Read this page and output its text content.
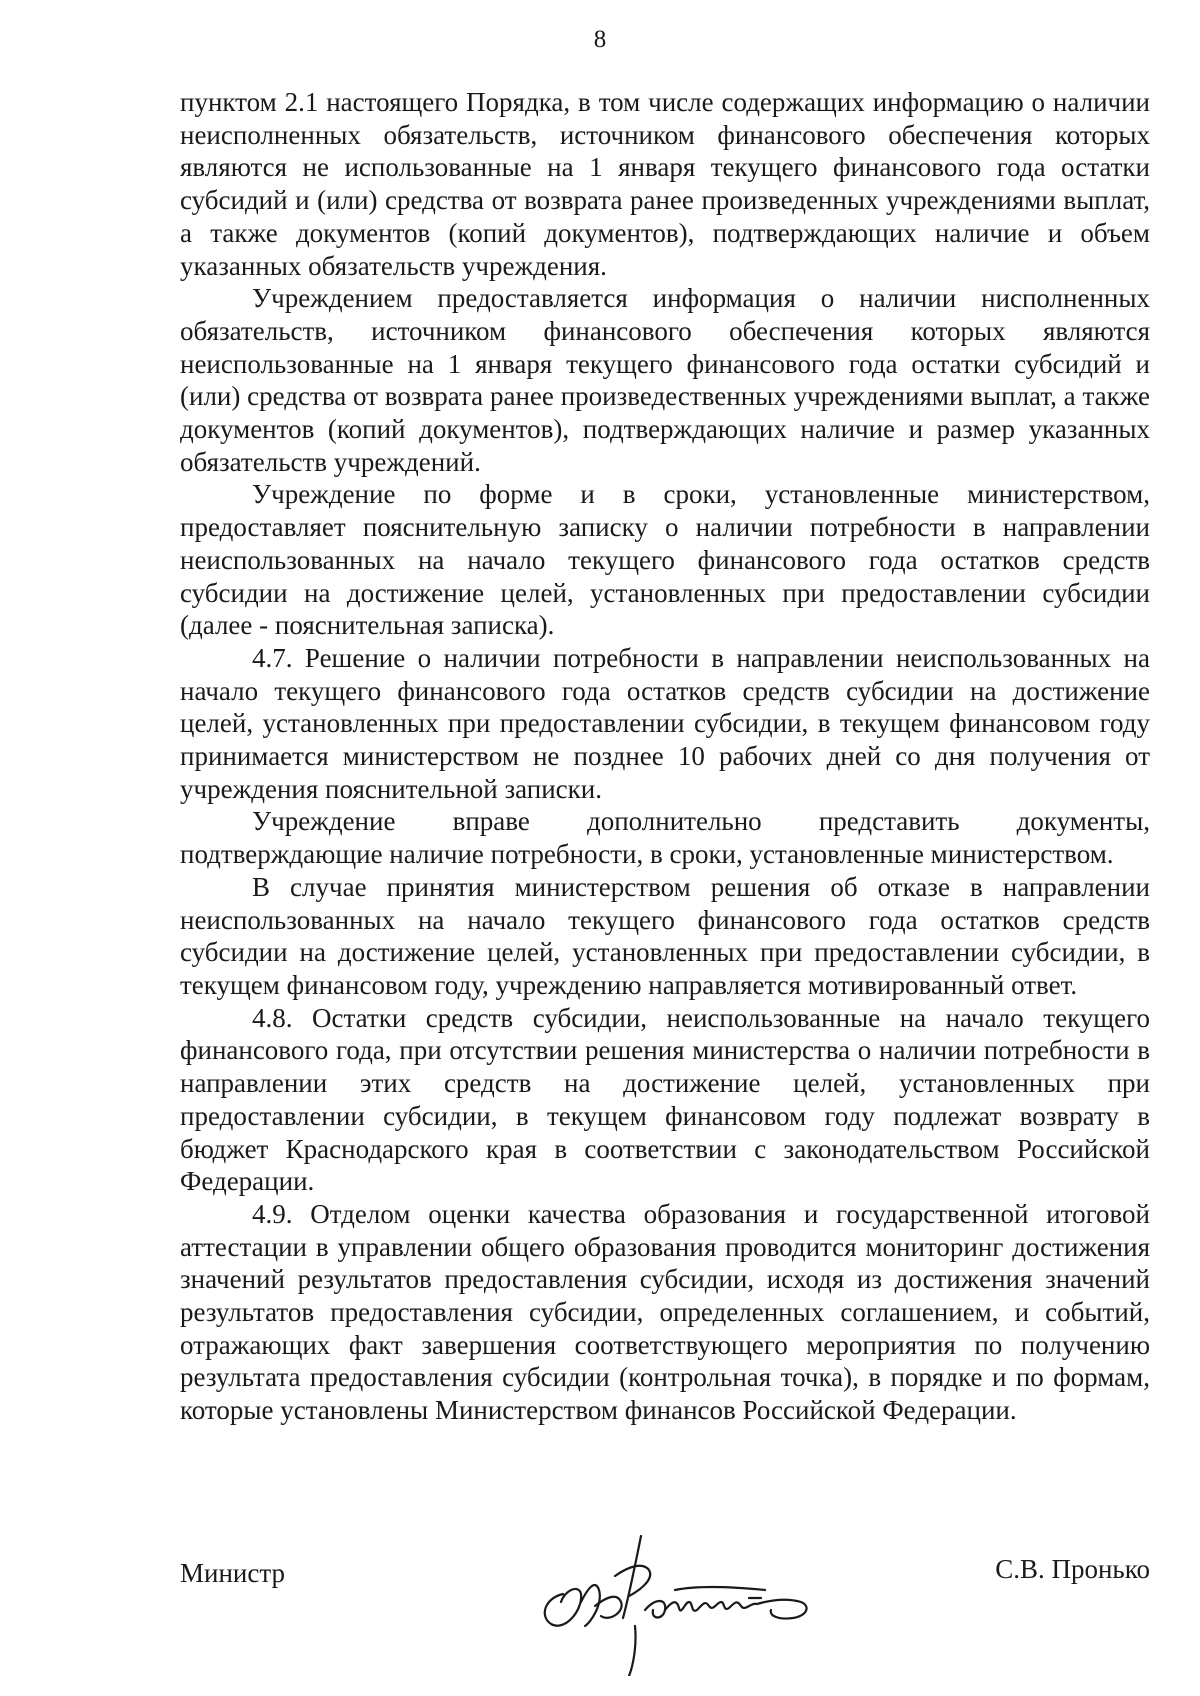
8

пунктом 2.1 настоящего Порядка, в том числе содержащих информацию о наличии неисполненных обязательств, источником финансового обеспечения которых являются не использованные на 1 января текущего финансового года остатки субсидий и (или) средства от возврата ранее произведенных учреждениями выплат, а также документов (копий документов), подтверждающих наличие и объем указанных обязательств учреждения.

Учреждением предоставляется информация о наличии нисполненных обязательств, источником финансового обеспечения которых являются неиспользованные на 1 января текущего финансового года остатки субсидий и (или) средства от возврата ранее произведественных учреждениями выплат, а также документов (копий документов), подтверждающих наличие и размер указанных обязательств учреждений.

Учреждение по форме и в сроки, установленные министерством, предоставляет пояснительную записку о наличии потребности в направлении неиспользованных на начало текущего финансового года остатков средств субсидии на достижение целей, установленных при предоставлении субсидии (далее - пояснительная записка).

4.7. Решение о наличии потребности в направлении неиспользованных на начало текущего финансового года остатков средств субсидии на достижение целей, установленных при предоставлении субсидии, в текущем финансовом году принимается министерством не позднее 10 рабочих дней со дня получения от учреждения пояснительной записки.

Учреждение вправе дополнительно представить документы, подтверждающие наличие потребности, в сроки, установленные министерством.

В случае принятия министерством решения об отказе в направлении неиспользованных на начало текущего финансового года остатков средств субсидии на достижение целей, установленных при предоставлении субсидии, в текущем финансовом году, учреждению направляется мотивированный ответ.

4.8. Остатки средств субсидии, неиспользованные на начало текущего финансового года, при отсутствии решения министерства о наличии потребности в направлении этих средств на достижение целей, установленных при предоставлении субсидии, в текущем финансовом году подлежат возврату в бюджет Краснодарского края в соответствии с законодательством Российской Федерации.

4.9. Отделом оценки качества образования и государственной итоговой аттестации в управлении общего образования проводится мониторинг достижения значений результатов предоставления субсидии, исходя из достижения значений результатов предоставления субсидии, определенных соглашением, и событий, отражающих факт завершения соответствующего мероприятия по получению результата предоставления субсидии (контрольная точка), в порядке и по формам, которые установлены Министерством финансов Российской Федерации.

Министр	С.В. Пронько
